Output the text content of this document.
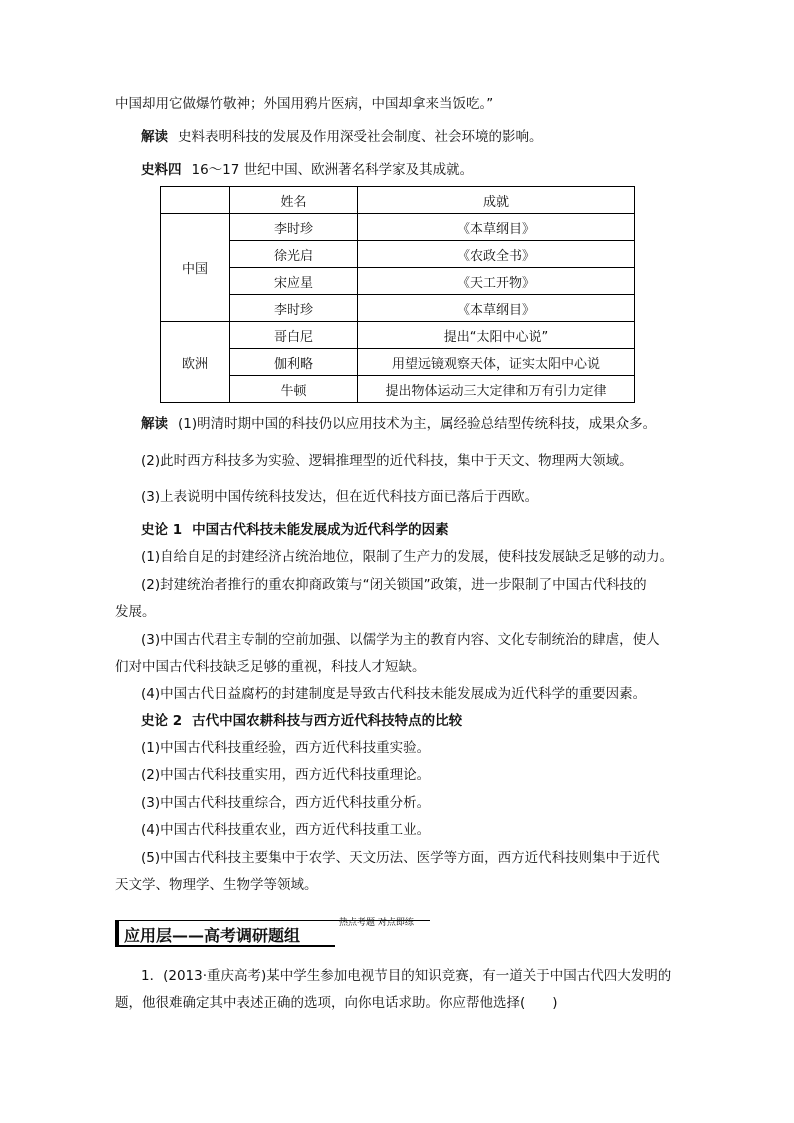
中国却用它做爆竹敬神；外国用鸦片医病，中国却拿来当饭吃。”
解读 史料表明科技的发展及作用深受社会制度、社会环境的影响。
史料四 16～17 世纪中国、欧洲著名科学家及其成就。
	姓名	成就
中国	李时珍	《本草纲目》
	徐光启	《农政全书》
	宋应星	《天工开物》
	李时珍	《本草纲目》
欧洲	哥白尼	提出“太阳中心说”
	伽利略	用望远镜观察天体，证实太阳中心说
	牛顿	提出物体运动三大定律和万有引力定律
解读 (1)明清时期中国的科技仍以应用技术为主，属经验总结型传统科技，成果众多。
(2)此时西方科技多为实验、逻辑推理型的近代科技，集中于天文、物理两大领域。
(3)上表说明中国传统科技发达，但在近代科技方面已落后于西欧。
史论 1 中国古代科技未能发展成为近代科学的因素
(1)自给自足的封建经济占统治地位，限制了生产力的发展，使科技发展缺乏足够的动力。
(2)封建统治者推行的重农抑商政策与“闭关锁国”政策，进一步限制了中国古代科技的
发展。
(3)中国古代君主专制的空前加强、以儒学为主的教育内容、文化专制统治的肆虐，使人
们对中国古代科技缺乏足够的重视，科技人才短缺。
(4)中国古代日益腐朽的封建制度是导致古代科技未能发展成为近代科学的重要因素。
史论 2 古代中国农耕科技与西方近代科技特点的比较
(1)中国古代科技重经验，西方近代科技重实验。
(2)中国古代科技重实用，西方近代科技重理论。
(3)中国古代科技重综合，西方近代科技重分析。
(4)中国古代科技重农业，西方近代科技重工业。
(5)中国古代科技主要集中于农学、天文历法、医学等方面，西方近代科技则集中于近代
天文学、物理学、生物学等领域。
应用层——高考调研题组
热点考题 对点即练
1．(2013·重庆高考)某中学生参加电视节目的知识竞赛，有一道关于中国古代四大发明的
题，他很难确定其中表述正确的选项，向你电话求助。你应帮他选择(　　)
